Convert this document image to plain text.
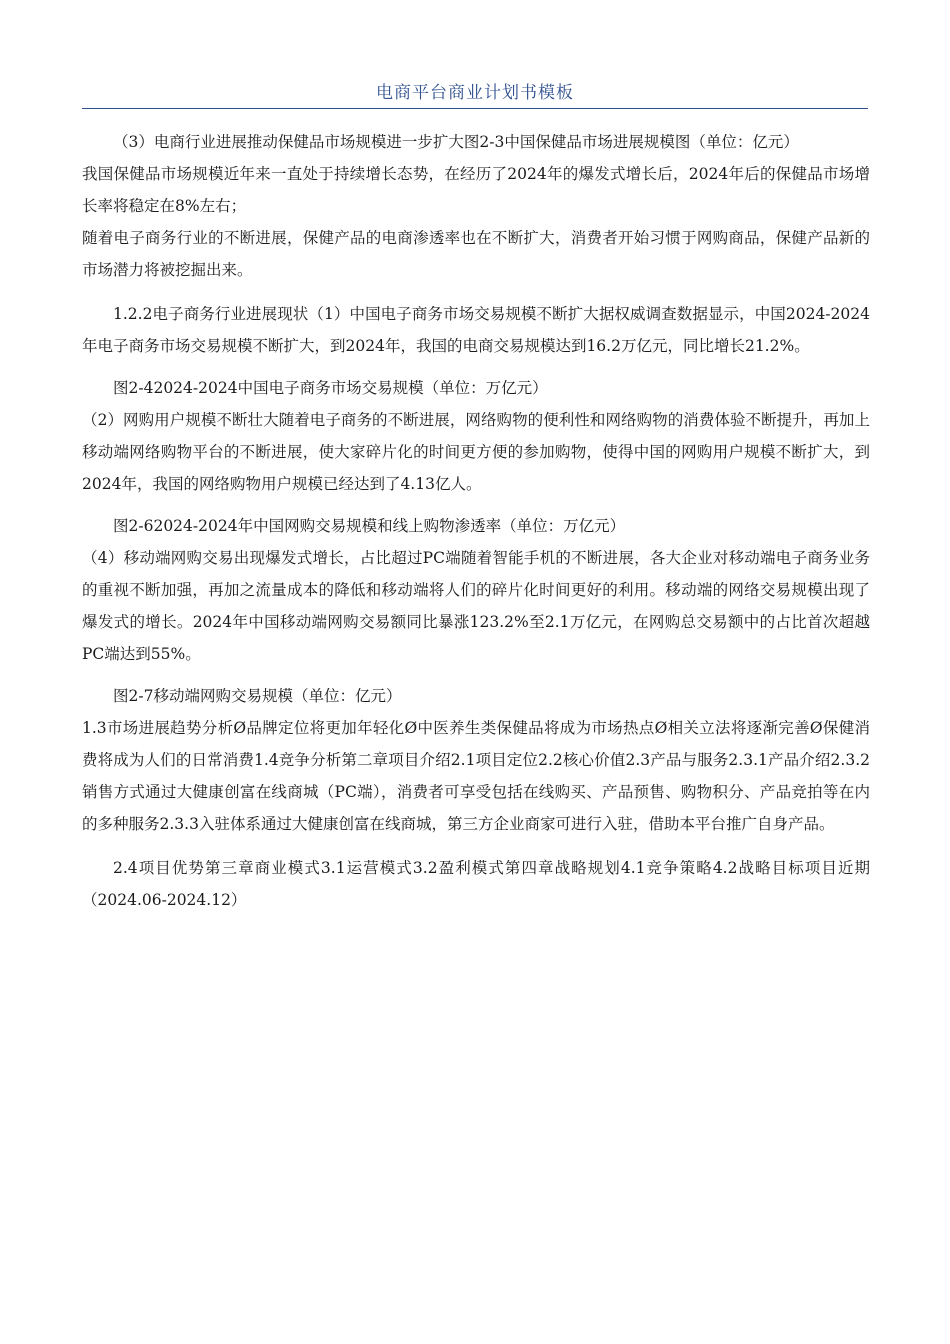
电商平台商业计划书模板

（3）电商行业进展推动保健品市场规模进一步扩大图2-3中国保健品市场进展规模图（单位：亿元）

我国保健品市场规模近年来一直处于持续增长态势，在经历了2024年的爆发式增长后，2024年后的保健品市场增长率将稳定在8%左右；

随着电子商务行业的不断进展，保健产品的电商渗透率也在不断扩大，消费者开始习惯于网购商品，保健产品新的市场潜力将被挖掘出来。

1.2.2电子商务行业进展现状（1）中国电子商务市场交易规模不断扩大据权威调查数据显示，中国2024-2024年电子商务市场交易规模不断扩大，到2024年，我国的电商交易规模达到16.2万亿元，同比增长21.2%。

图2-42024-2024中国电子商务市场交易规模（单位：万亿元）

（2）网购用户规模不断壮大随着电子商务的不断进展，网络购物的便利性和网络购物的消费体验不断提升，再加上移动端网络购物平台的不断进展，使大家碎片化的时间更方便的参加购物，使得中国的网购用户规模不断扩大，到2024年，我国的网络购物用户规模已经达到了4.13亿人。

图2-62024-2024年中国网购交易规模和线上购物渗透率（单位：万亿元）

（4）移动端网购交易出现爆发式增长，占比超过PC端随着智能手机的不断进展，各大企业对移动端电子商务业务的重视不断加强，再加之流量成本的降低和移动端将人们的碎片化时间更好的利用。移动端的网络交易规模出现了爆发式的增长。2024年中国移动端网购交易额同比暴涨123.2%至2.1万亿元，在网购总交易额中的占比首次超越PC端达到55%。

图2-7移动端网购交易规模（单位：亿元）

1.3市场进展趋势分析Ø品牌定位将更加年轻化Ø中医养生类保健品将成为市场热点Ø相关立法将逐渐完善Ø保健消费将成为人们的日常消费1.4竞争分析第二章项目介绍2.1项目定位2.2核心价值2.3产品与服务2.3.1产品介绍2.3.2销售方式通过大健康创富在线商城（PC端），消费者可享受包括在线购买、产品预售、购物积分、产品竞拍等在内的多种服务2.3.3入驻体系通过大健康创富在线商城，第三方企业商家可进行入驻，借助本平台推广自身产品。

2.4项目优势第三章商业模式3.1运营模式3.2盈利模式第四章战略规划4.1竞争策略4.2战略目标项目近期（2024.06-2024.12）
